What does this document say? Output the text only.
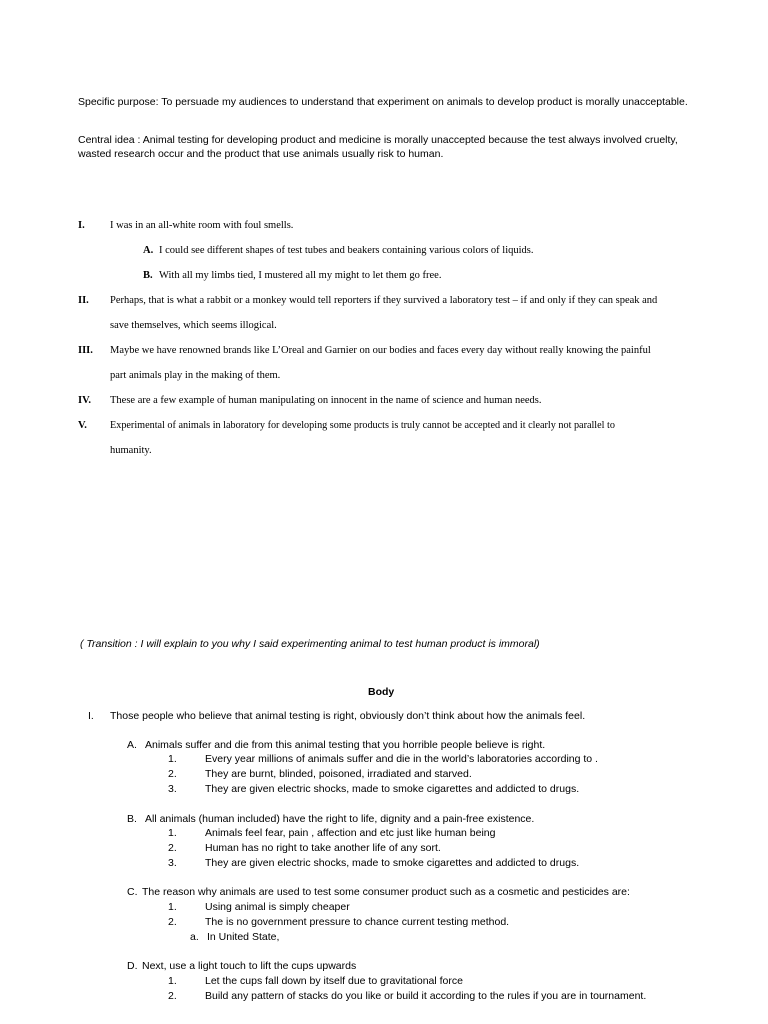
Specific purpose: To persuade my audiences to understand that experiment on animals to develop product is morally unacceptable.
Central idea : Animal testing for developing product and medicine is morally unaccepted because the test always involved cruelty, wasted research occur and the product that use animals usually risk to human.
I. I was in an all-white room with foul smells.
A. I could see different shapes of test tubes and beakers containing various colors of liquids.
B. With all my limbs tied, I mustered all my might to let them go free.
II. Perhaps, that is what a rabbit or a monkey would tell reporters if they survived a laboratory test – if and only if they can speak and
save themselves, which seems illogical.
III. Maybe we have renowned brands like L’Oreal and Garnier on our bodies and faces every day without really knowing the painful
part animals play in the making of them.
IV. These are a few example of human manipulating on innocent in the name of science and human needs.
V. Experimental of animals in laboratory for developing some products is truly cannot be accepted and it clearly not parallel to
humanity.
( Transition : I will explain to you why I said experimenting animal to test human product is immoral)
Body
I. Those people who believe that animal testing is right, obviously don’t think about how the animals feel.
A. Animals suffer and die from this animal testing that you horrible people believe is right.
1.	Every year millions of animals suffer and die in the world’s laboratories according to .
2.	They are burnt, blinded, poisoned, irradiated and starved.
3.	They are given electric shocks, made to smoke cigarettes and addicted to drugs.
B. All animals (human included) have the right to life, dignity and a pain-free existence.
1.	Animals feel fear, pain , affection and etc just like human being
2.	Human has no right to take another life of any sort.
3.	They are given electric shocks, made to smoke cigarettes and addicted to drugs.
C. The reason why animals are used to test some consumer product such as a cosmetic and pesticides are:
1.	Using animal is simply cheaper
2.	The is no government pressure to chance current testing method.
a. In United State,
D. Next, use a light touch to lift the cups upwards
1.	Let the cups fall down by itself due to gravitational force
2.	Build any pattern of stacks do you like or build it according to the rules if you are in tournament.
